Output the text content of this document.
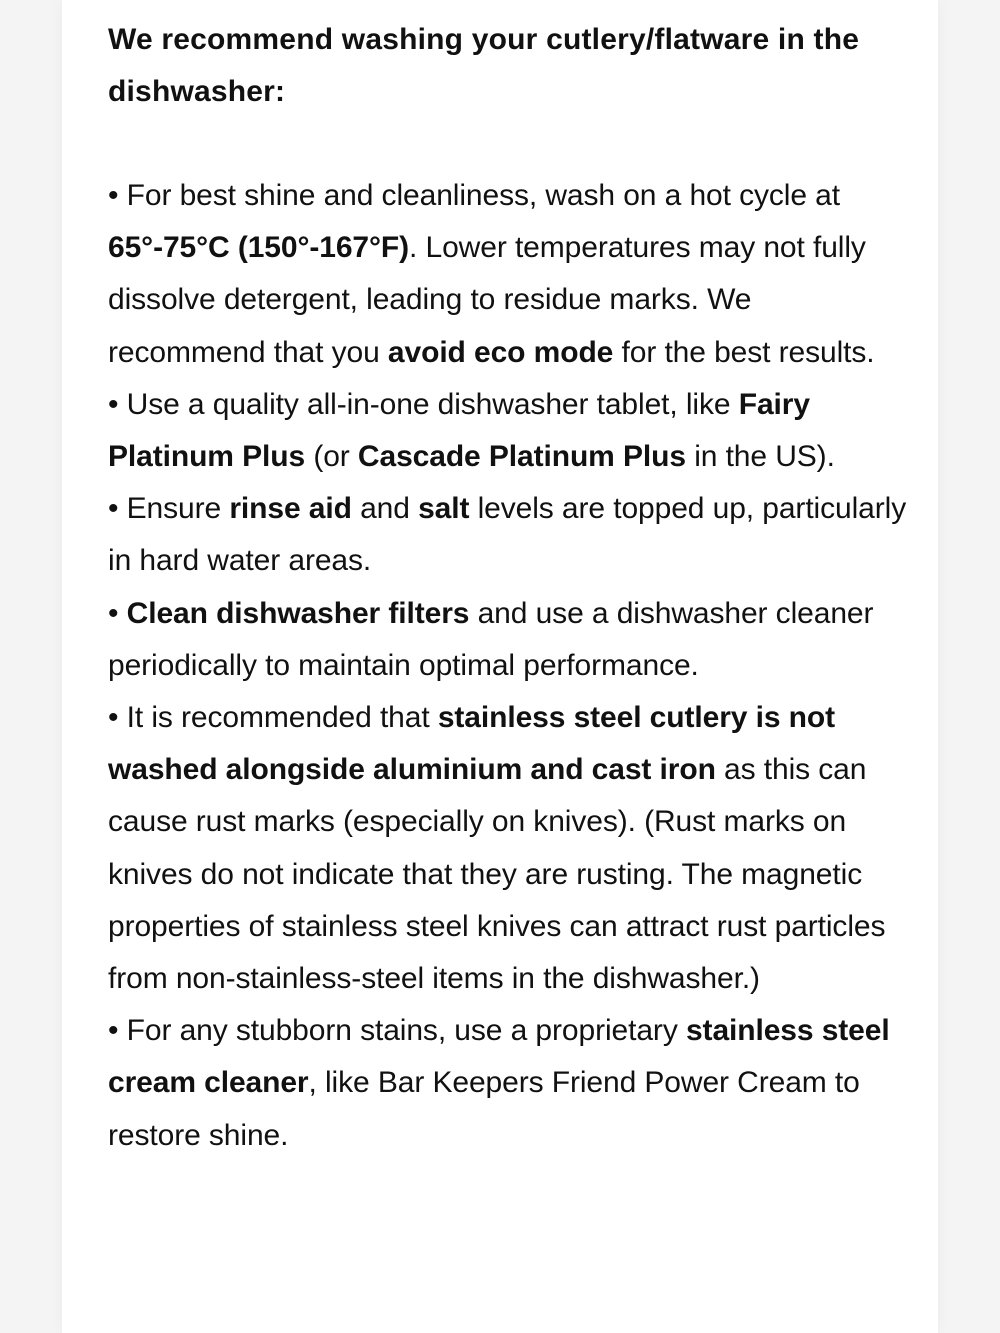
We recommend washing your cutlery/flatware in the dishwasher:

• For best shine and cleanliness, wash on a hot cycle at 65°-75°C (150°-167°F). Lower temperatures may not fully dissolve detergent, leading to residue marks. We recommend that you avoid eco mode for the best results.

• Use a quality all-in-one dishwasher tablet, like Fairy Platinum Plus (or Cascade Platinum Plus in the US).

• Ensure rinse aid and salt levels are topped up, particularly in hard water areas.

• Clean dishwasher filters and use a dishwasher cleaner periodically to maintain optimal performance.

• It is recommended that stainless steel cutlery is not washed alongside aluminium and cast iron as this can cause rust marks (especially on knives). (Rust marks on knives do not indicate that they are rusting. The magnetic properties of stainless steel knives can attract rust particles from non-stainless-steel items in the dishwasher.)

• For any stubborn stains, use a proprietary stainless steel cream cleaner, like Bar Keepers Friend Power Cream to restore shine.
